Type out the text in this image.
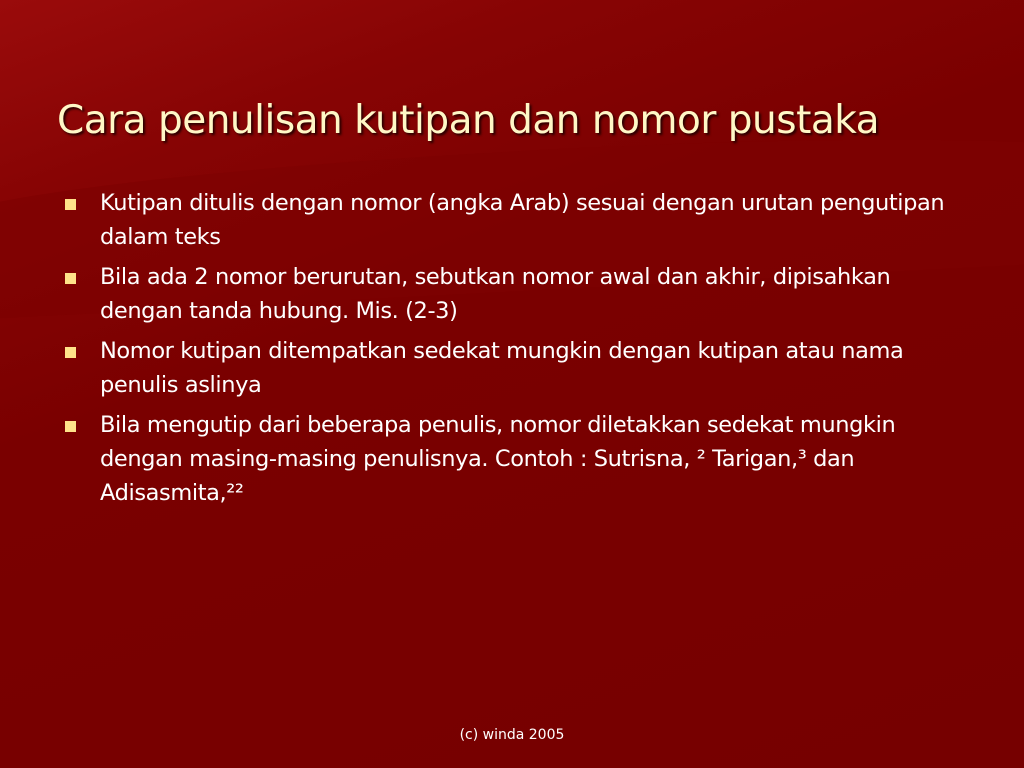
Cara penulisan kutipan dan nomor pustaka
Kutipan ditulis dengan nomor (angka Arab) sesuai dengan urutan pengutipan dalam teks
Bila ada 2 nomor berurutan, sebutkan nomor awal dan akhir, dipisahkan dengan tanda hubung. Mis. (2-3)
Nomor kutipan ditempatkan sedekat mungkin dengan kutipan atau nama penulis aslinya
Bila mengutip dari beberapa penulis, nomor diletakkan sedekat mungkin dengan masing-masing penulisnya. Contoh : Sutrisna, ² Tarigan,³ dan Adisasmita,²²
(c) winda 2005
